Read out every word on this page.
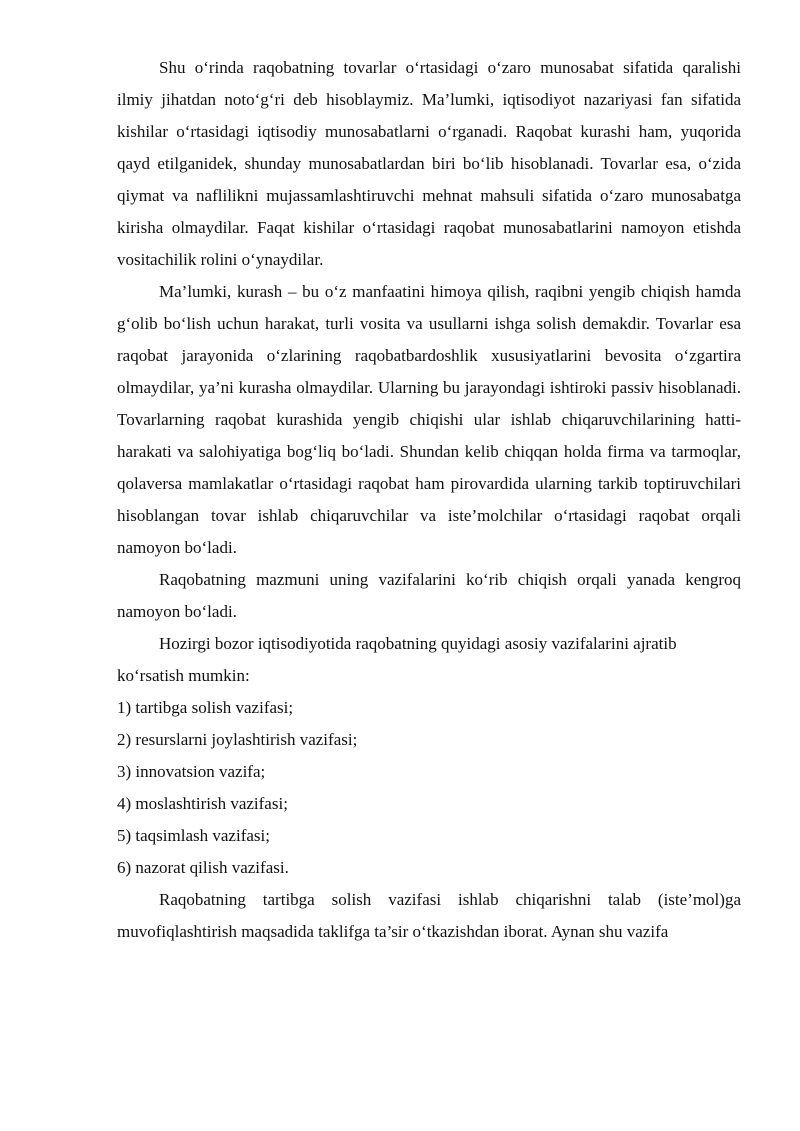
Shu oʻrinda raqobatning tovarlar oʻrtasidagi oʻzaro munosabat sifatida qaralishi ilmiy jihatdan notoʻgʻri deb hisoblaymiz. Ma’lumki, iqtisodiyot nazariyasi fan sifatida kishilar oʻrtasidagi iqtisodiy munosabatlarni oʻrganadi. Raqobat kurashi ham, yuqorida qayd etilganidek, shunday munosabatlardan biri boʻlib hisoblanadi. Tovarlar esa, oʻzida qiymat va naflilikni mujassamlashtiruvchi mehnat mahsuli sifatida oʻzaro munosabatga kirisha olmaydilar. Faqat kishilar oʻrtasidagi raqobat munosabatlarini namoyon etishda vositachilik rolini oʻynaydilar.

Ma’lumki, kurash – bu oʻz manfaatini himoya qilish, raqibni yengib chiqish hamda gʻolib boʻlish uchun harakat, turli vosita va usullarni ishga solish demakdir. Tovarlar esa raqobat jarayonida oʻzlarining raqobatbardoshlik xususiyatlarini bevosita oʻzgartira olmaydilar, ya’ni kurasha olmaydilar. Ularning bu jarayondagi ishtiroki passiv hisoblanadi. Tovarlarning raqobat kurashida yengib chiqishi ular ishlab chiqaruvchilarining hatti-harakati va salohiyatiga bogʻliq boʻladi. Shundan kelib chiqqan holda firma va tarmoqlar, qolaversa mamlakatlar oʻrtasidagi raqobat ham pirovardida ularning tarkib toptiruvchilari hisoblangan tovar ishlab chiqaruvchilar va iste’molchilar oʻrtasidagi raqobat orqali namoyon boʻladi.

Raqobatning mazmuni uning vazifalarini koʻrib chiqish orqali yanada kengroq namoyon boʻladi.

Hozirgi bozor iqtisodiyotida raqobatning quyidagi asosiy vazifalarini ajratib koʻrsatish mumkin:

1) tartibga solish vazifasi;
2) resurslarni joylashtirish vazifasi;
3) innovatsion vazifa;
4) moslashtirish vazifasi;
5) taqsimlash vazifasi;
6) nazorat qilish vazifasi.

Raqobatning tartibga solish vazifasi ishlab chiqarishni talab (iste’mol)ga muvofiqlashtirish maqsadida taklifga ta’sir oʻtkazishdan iborat. Aynan shu vazifa
